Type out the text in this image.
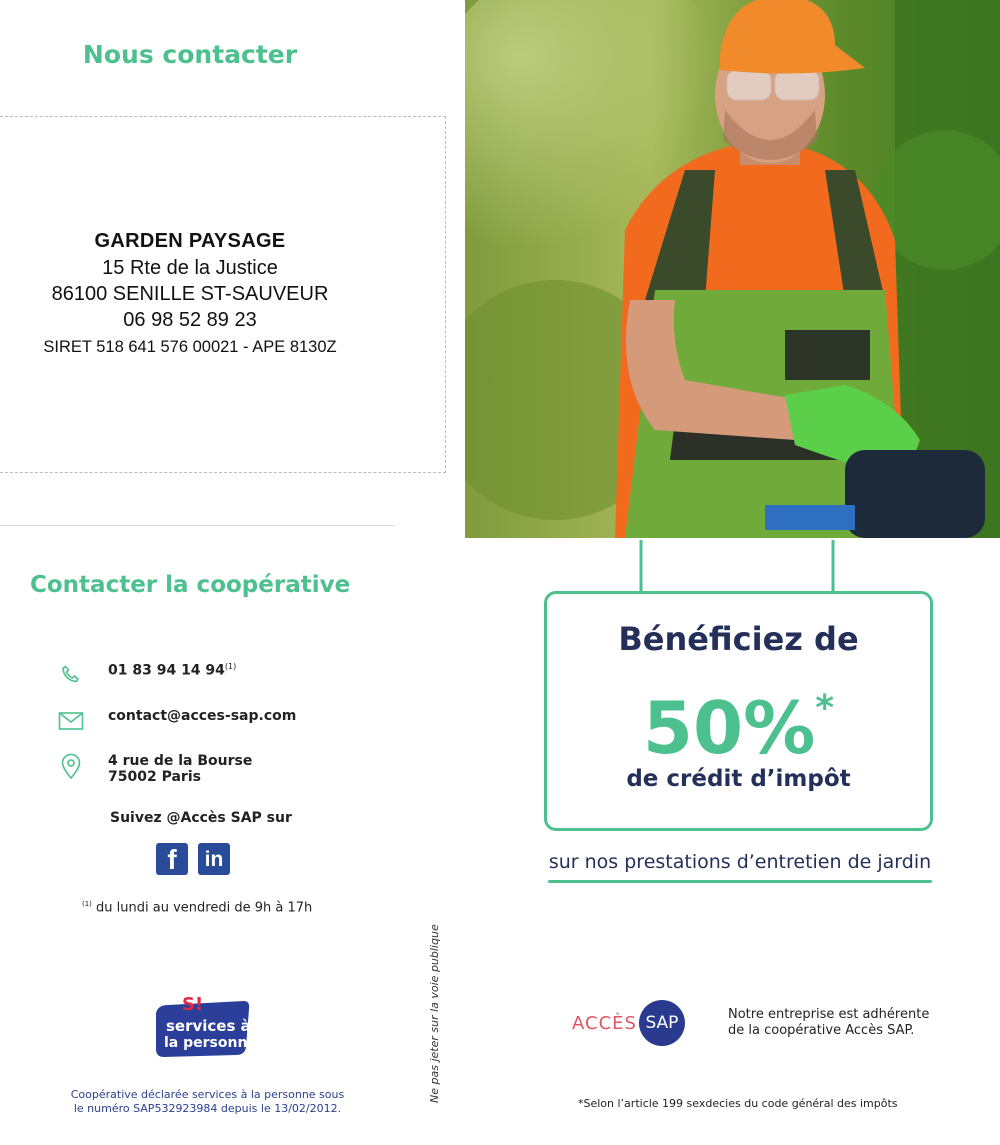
Nous contacter
GARDEN PAYSAGE
15 Rte de la Justice
86100 SENILLE ST-SAUVEUR
06 98 52 89 23
SIRET 518 641 576 00021 - APE 8130Z
Contacter la coopérative
01 83 94 14 94$^{(1)}$
contact@acces-sap.com
4 rue de la Bourse
75002 Paris
Suivez @Accès SAP sur
f	in
$^{(1)}$ du lundi au vendredi de 9h à 17h
S!
services à
la personne
Coopérative déclarée services à la personne sous
le numéro SAP532923984 depuis le 13/02/2012.
Ne pas jeter sur la voie publique
Bénéficiez de
50%*
de crédit d’impôt
sur nos prestations d’entretien de jardin
ACCÈS SAP	Notre entreprise est adhérente
de la coopérative Accès SAP.
*Selon l’article 199 sexdecies du code général des impôts
